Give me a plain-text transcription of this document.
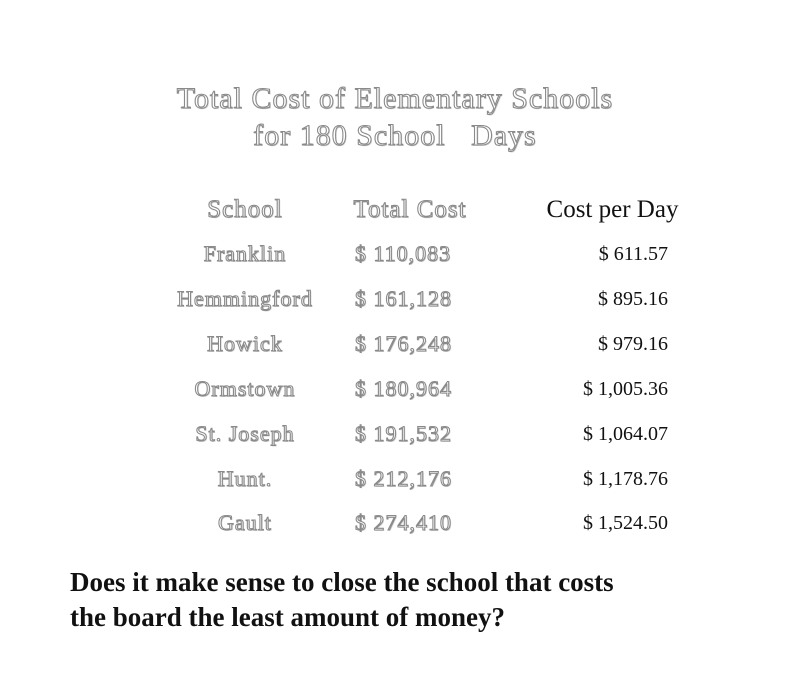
Total Cost of Elementary Schools
for 180 School   Days
School	Total Cost	Cost per Day
Franklin	$ 110,083	$ 611.57
Hemmingford	$ 161,128	$ 895.16
Howick	$ 176,248	$ 979.16
Ormstown	$ 180,964	$ 1,005.36
St. Joseph	$ 191,532	$ 1,064.07
Hunt.	$ 212,176	$ 1,178.76
Gault	$ 274,410	$ 1,524.50
Does it make sense to close the school that costs
the board the least amount of money?
